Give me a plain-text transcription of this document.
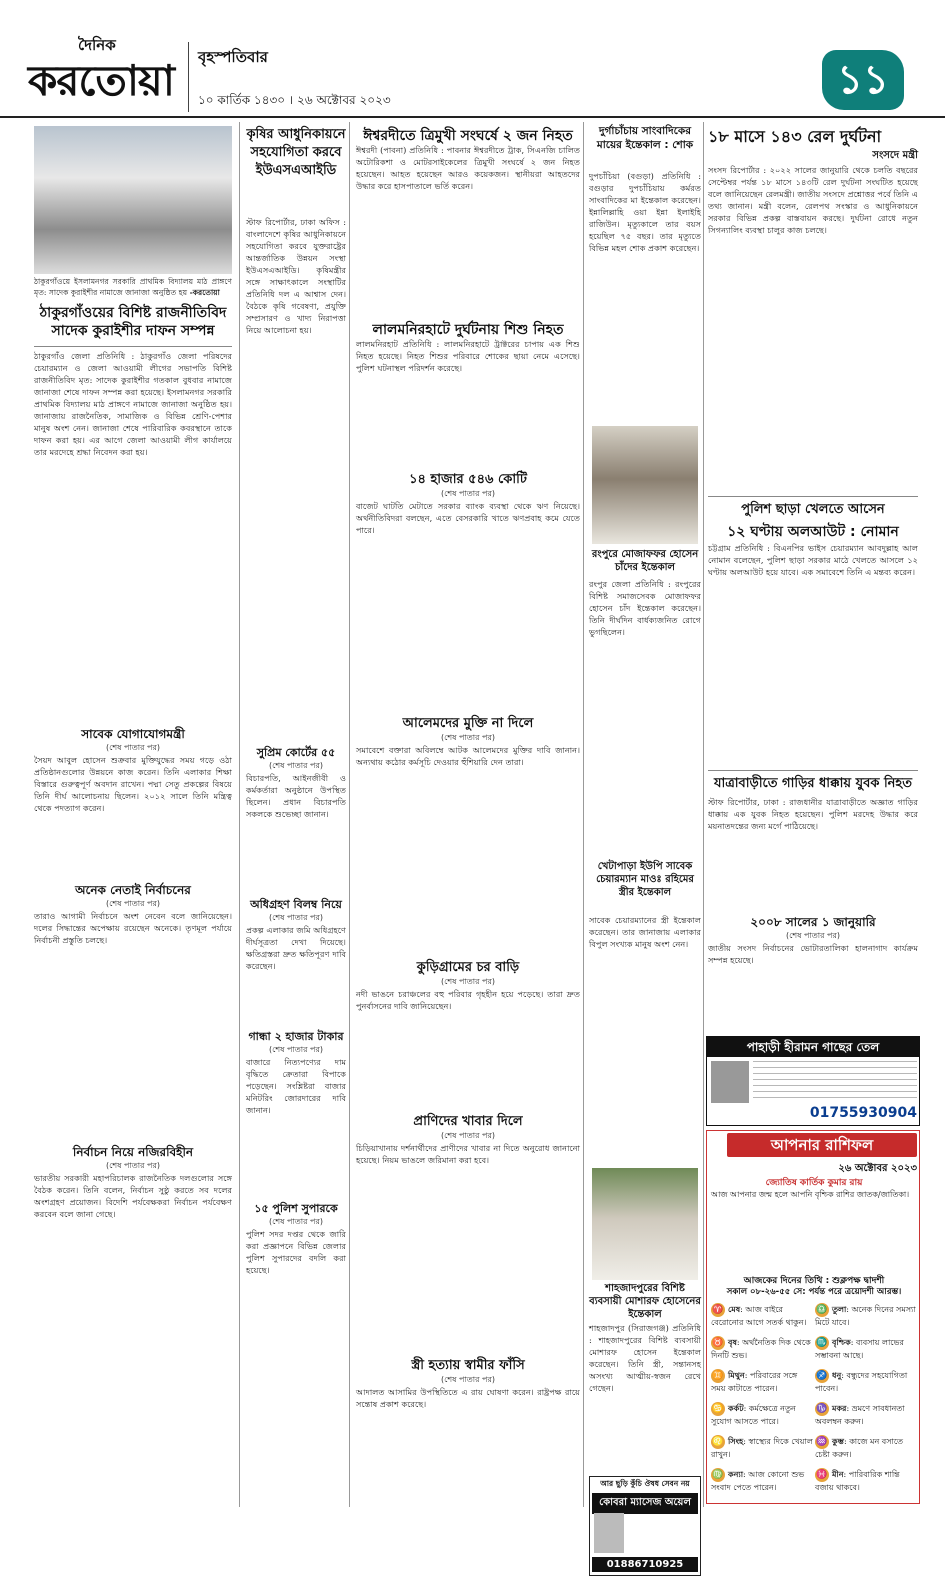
দৈনিক
করতোয়া বৃহস্পতিবার
১০ কার্তিক ১৪৩০ । ২৬ অক্টোবর ২০২৩	১১
ঠাকুরগাঁওয়ে ইসলামনগর সরকারি প্রাথমিক বিদ্যালয় মাঠ প্রাঙ্গণে মৃত: সাদেক কুরাইশীর নামাজে জানাজা অনুষ্ঠিত হয় -করতোয়া
ঠাকুরগাঁওয়ের বিশিষ্ট রাজনীতিবিদ সাদেক কুরাইশীর দাফন সম্পন্ন
ঠাকুরগাঁও জেলা প্রতিনিধি : ঠাকুরগাঁও জেলা পরিষদের চেয়ারম্যান ও জেলা আওয়ামী লীগের সভাপতি বিশিষ্ট রাজনীতিবিদ মৃত: সাদেক কুরাইশীর গতকাল বুধবার নামাজে জানাজা শেষে দাফন সম্পন্ন করা হয়েছে। ইসলামনগর সরকারি প্রাথমিক বিদ্যালয় মাঠ প্রাঙ্গণে নামাজে জানাজা অনুষ্ঠিত হয়। জানাজায় রাজনৈতিক, সামাজিক ও বিভিন্ন শ্রেণি-পেশার মানুষ অংশ নেন। জানাজা শেষে পারিবারিক কবরস্থানে তাকে দাফন করা হয়। এর আগে জেলা আওয়ামী লীগ কার্যালয়ে তার মরদেহে শ্রদ্ধা নিবেদন করা হয়।
সাবেক যোগাযোগমন্ত্রী
(শেষ পাতার পর)
সৈয়দ আবুল হোসেন শুক্রবার মুক্তিযুদ্ধের সময় গড়ে ওঠা প্রতিষ্ঠানগুলোর উন্নয়নে কাজ করেন। তিনি এলাকার শিক্ষা বিস্তারে গুরুত্বপূর্ণ অবদান রাখেন। পদ্মা সেতু প্রকল্পের বিষয়ে তিনি দীর্ঘ আলোচনায় ছিলেন। ২০১২ সালে তিনি মন্ত্রিত্ব থেকে পদত্যাগ করেন।
অনেক নেতাই নির্বাচনের
(শেষ পাতার পর)
তারাও আগামী নির্বাচনে অংশ নেবেন বলে জানিয়েছেন। দলের সিদ্ধান্তের অপেক্ষায় রয়েছেন অনেকে। তৃণমূল পর্যায়ে নির্বাচনী প্রস্তুতি চলছে।
নির্বাচন নিয়ে নজিরবিহীন
(শেষ পাতার পর)
ভারতীয় সরকারী মহাপরিচালক রাজনৈতিক দলগুলোর সঙ্গে বৈঠক করেন। তিনি বলেন, নির্বাচন সুষ্ঠু করতে সব দলের অংশগ্রহণ প্রয়োজন। বিদেশি পর্যবেক্ষকরা নির্বাচন পর্যবেক্ষণ করবেন বলে জানা গেছে।
কৃষির আধুনিকায়নে সহযোগিতা করবে ইউএসএআইডি
স্টাফ রিপোর্টার, ঢাকা অফিস : বাংলাদেশে কৃষির আধুনিকায়নে সহযোগিতা করবে যুক্তরাষ্ট্রের আন্তর্জাতিক উন্নয়ন সংস্থা ইউএসএআইডি। কৃষিমন্ত্রীর সঙ্গে সাক্ষাৎকালে সংস্থাটির প্রতিনিধি দল এ আশ্বাস দেন। বৈঠকে কৃষি গবেষণা, প্রযুক্তি সম্প্রসারণ ও খাদ্য নিরাপত্তা নিয়ে আলোচনা হয়।
সুপ্রিম কোর্টের ৫৫
(শেষ পাতার পর)
বিচারপতি, আইনজীবী ও কর্মকর্তারা অনুষ্ঠানে উপস্থিত ছিলেন। প্রধান বিচারপতি সকলকে শুভেচ্ছা জানান।
অধিগ্রহণ বিলম্ব নিয়ে
(শেষ পাতার পর)
প্রকল্প এলাকার জমি অধিগ্রহণে দীর্ঘসূত্রতা দেখা দিয়েছে। ক্ষতিগ্রস্তরা দ্রুত ক্ষতিপূরণ দাবি করেছেন।
গান্ধা ২ হাজার টাকার
(শেষ পাতার পর)
বাজারে নিত্যপণ্যের দাম বৃদ্ধিতে ক্রেতারা বিপাকে পড়েছেন। সংশ্লিষ্টরা বাজার মনিটরিং জোরদারের দাবি জানান।
১৫ পুলিশ সুপারকে
(শেষ পাতার পর)
পুলিশ সদর দপ্তর থেকে জারি করা প্রজ্ঞাপনে বিভিন্ন জেলার পুলিশ সুপারদের বদলি করা হয়েছে।
ঈশ্বরদীতে ত্রিমুখী সংঘর্ষে ২ জন নিহত
ঈশ্বরদী (পাবনা) প্রতিনিধি : পাবনার ঈশ্বরদীতে ট্রাক, সিএনজি চালিত অটোরিকশা ও মোটরসাইকেলের ত্রিমুখী সংঘর্ষে ২ জন নিহত হয়েছেন। আহত হয়েছেন আরও কয়েকজন। স্থানীয়রা আহতদের উদ্ধার করে হাসপাতালে ভর্তি করেন।
লালমনিরহাটে দুর্ঘটনায় শিশু নিহত
লালমনিরহাট প্রতিনিধি : লালমনিরহাটে ট্রাক্টরের চাপায় এক শিশু নিহত হয়েছে। নিহত শিশুর পরিবারে শোকের ছায়া নেমে এসেছে। পুলিশ ঘটনাস্থল পরিদর্শন করেছে।
১৪ হাজার ৫৪৬ কোটি
(শেষ পাতার পর)
বাজেট ঘাটতি মেটাতে সরকার ব্যাংক ব্যবস্থা থেকে ঋণ নিয়েছে। অর্থনীতিবিদরা বলছেন, এতে বেসরকারি খাতে ঋণপ্রবাহ কমে যেতে পারে।
আলেমদের মুক্তি না দিলে
(শেষ পাতার পর)
সমাবেশে বক্তারা অবিলম্বে আটক আলেমদের মুক্তির দাবি জানান। অন্যথায় কঠোর কর্মসূচি দেওয়ার হুঁশিয়ারি দেন তারা।
কুড়িগ্রামের চর বাড়ি
(শেষ পাতার পর)
নদী ভাঙনে চরাঞ্চলের বহু পরিবার গৃহহীন হয়ে পড়েছে। তারা দ্রুত পুনর্বাসনের দাবি জানিয়েছেন।
প্রাণিদের খাবার দিলে
(শেষ পাতার পর)
চিড়িয়াখানায় দর্শনার্থীদের প্রাণীদের খাবার না দিতে অনুরোধ জানানো হয়েছে। নিয়ম ভাঙলে জরিমানা করা হবে।
স্ত্রী হত্যায় স্বামীর ফাঁসি
(শেষ পাতার পর)
আদালত আসামির উপস্থিতিতে এ রায় ঘোষণা করেন। রাষ্ট্রপক্ষ রায়ে সন্তোষ প্রকাশ করেছে।
দুর্গাচাঁচায় সাংবাদিকের মায়ের ইন্তেকাল : শোক
দুপচাঁচিয়া (বগুড়া) প্রতিনিধি : বগুড়ার দুপচাঁচিয়ায় কর্মরত সাংবাদিকের মা ইন্তেকাল করেছেন। ইন্নালিল্লাহি ওয়া ইন্না ইলাইহি রাজিউন। মৃত্যুকালে তার বয়স হয়েছিল ৭৫ বছর। তার মৃত্যুতে বিভিন্ন মহল শোক প্রকাশ করেছেন।
রংপুরে মোজাফফর হোসেন চাঁদের ইন্তেকাল
রংপুর জেলা প্রতিনিধি : রংপুরের বিশিষ্ট সমাজসেবক মোজাফফর হোসেন চাঁদ ইন্তেকাল করেছেন। তিনি দীর্ঘদিন বার্ধক্যজনিত রোগে ভুগছিলেন।
খেটাপাড়া ইউপি সাবেক চেয়ারম্যান মাওঃ রহিমের স্ত্রীর ইন্তেকাল
সাবেক চেয়ারম্যানের স্ত্রী ইন্তেকাল করেছেন। তার জানাজায় এলাকার বিপুল সংখ্যক মানুষ অংশ নেন।
শাহজাদপুরের বিশিষ্ট ব্যবসায়ী মোশারফ হোসেনের ইন্তেকাল
শাহজাদপুর (সিরাজগঞ্জ) প্রতিনিধি : শাহজাদপুরের বিশিষ্ট ব্যবসায়ী মোশারফ হোসেন ইন্তেকাল করেছেন। তিনি স্ত্রী, সন্তানসহ অসংখ্য আত্মীয়-স্বজন রেখে গেছেন।
আর ছুড়ি কুঁচি ঔষধ সেবন নয়
কোবরা ম্যাসেজ অয়েল
01886710925
১৮ মাসে ১৪৩ রেল দুর্ঘটনা
সংসদে মন্ত্রী
সংসদ রিপোর্টার : ২০২২ সালের জানুয়ারি থেকে চলতি বছরের সেপ্টেম্বর পর্যন্ত ১৮ মাসে ১৪৩টি রেল দুর্ঘটনা সংঘটিত হয়েছে বলে জানিয়েছেন রেলমন্ত্রী। জাতীয় সংসদে প্রশ্নোত্তর পর্বে তিনি এ তথ্য জানান। মন্ত্রী বলেন, রেলপথ সংস্কার ও আধুনিকায়নে সরকার বিভিন্ন প্রকল্প বাস্তবায়ন করছে। দুর্ঘটনা রোধে নতুন সিগন্যালিং ব্যবস্থা চালুর কাজ চলছে।
পুলিশ ছাড়া খেলতে আসেন
১২ ঘণ্টায় অলআউট : নোমান
চট্টগ্রাম প্রতিনিধি : বিএনপির ভাইস চেয়ারম্যান আবদুল্লাহ আল নোমান বলেছেন, পুলিশ ছাড়া সরকার মাঠে খেলতে আসলে ১২ ঘণ্টায় অলআউট হয়ে যাবে। এক সমাবেশে তিনি এ মন্তব্য করেন।
যাত্রাবাড়ীতে গাড়ির ধাক্কায় যুবক নিহত
স্টাফ রিপোর্টার, ঢাকা : রাজধানীর যাত্রাবাড়ীতে অজ্ঞাত গাড়ির ধাক্কায় এক যুবক নিহত হয়েছেন। পুলিশ মরদেহ উদ্ধার করে ময়নাতদন্তের জন্য মর্গে পাঠিয়েছে।
২০০৮ সালের ১ জানুয়ারি
(শেষ পাতার পর)
জাতীয় সংসদ নির্বাচনের ভোটারতালিকা হালনাগাদ কার্যক্রম সম্পন্ন হয়েছে।
পাহাড়ী হীরামন গাছের তেল
01755930904
আপনার রাশিফল
২৬ অক্টোবর ২০২৩
জ্যোতিষ কার্তিক কুমার রায়
আজ আপনার জন্ম হলে আপনি বৃশ্চিক রাশির জাতক/জাতিকা।
আজকের দিনের তিথি : শুক্লপক্ষ দ্বাদশী
সকাল ০৮-২৬-৫৫ সে: পর্যন্ত পরে ত্রয়োদশী আরম্ভ।
♈ মেষ: আজ বাইরে বেরোনোর আগে সতর্ক থাকুন।
♉ বৃষ: অর্থনৈতিক দিক থেকে দিনটি শুভ।
♊ মিথুন: পরিবারের সঙ্গে সময় কাটাতে পারেন।
♋ কর্কট: কর্মক্ষেত্রে নতুন সুযোগ আসতে পারে।
♌ সিংহ: স্বাস্থ্যের দিকে খেয়াল রাখুন।
♍ কন্যা: আজ কোনো শুভ সংবাদ পেতে পারেন।
♎ তুলা: অনেক দিনের সমস্যা মিটে যাবে।
♏ বৃশ্চিক: ব্যবসায় লাভের সম্ভাবনা আছে।
♐ ধনু: বন্ধুদের সহযোগিতা পাবেন।
♑ মকর: ভ্রমণে সাবধানতা অবলম্বন করুন।
♒ কুম্ভ: কাজে মন বসাতে চেষ্টা করুন।
♓ মীন: পারিবারিক শান্তি বজায় থাকবে।
